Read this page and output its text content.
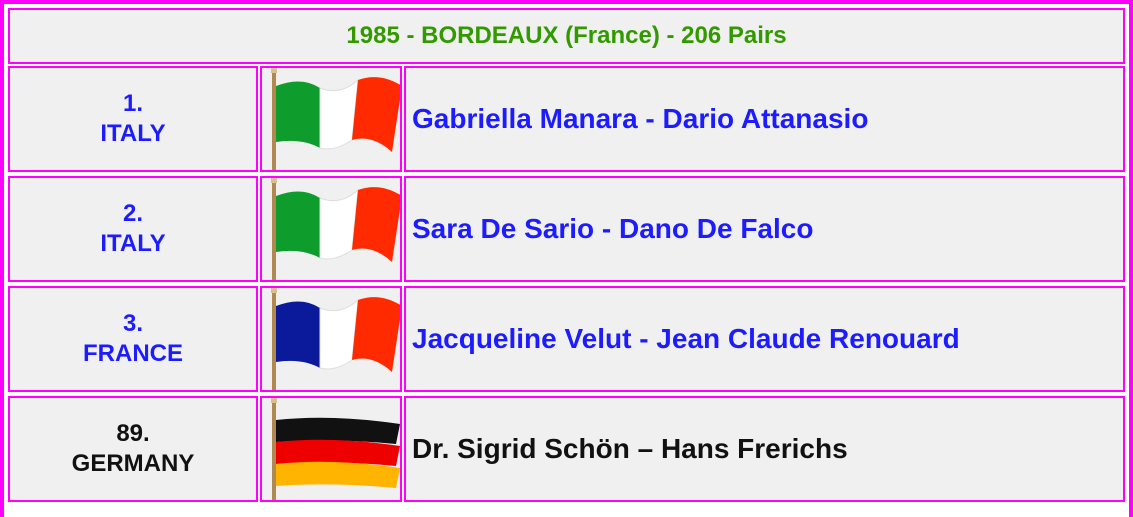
1985 - BORDEAUX (France) - 206 Pairs
1.
ITALY	Gabriella Manara - Dario Attanasio
2.
ITALY	Sara De Sario - Dano De Falco
3.
FRANCE	Jacqueline Velut - Jean Claude Renouard
89.
GERMANY	Dr. Sigrid Schön – Hans Frerichs
